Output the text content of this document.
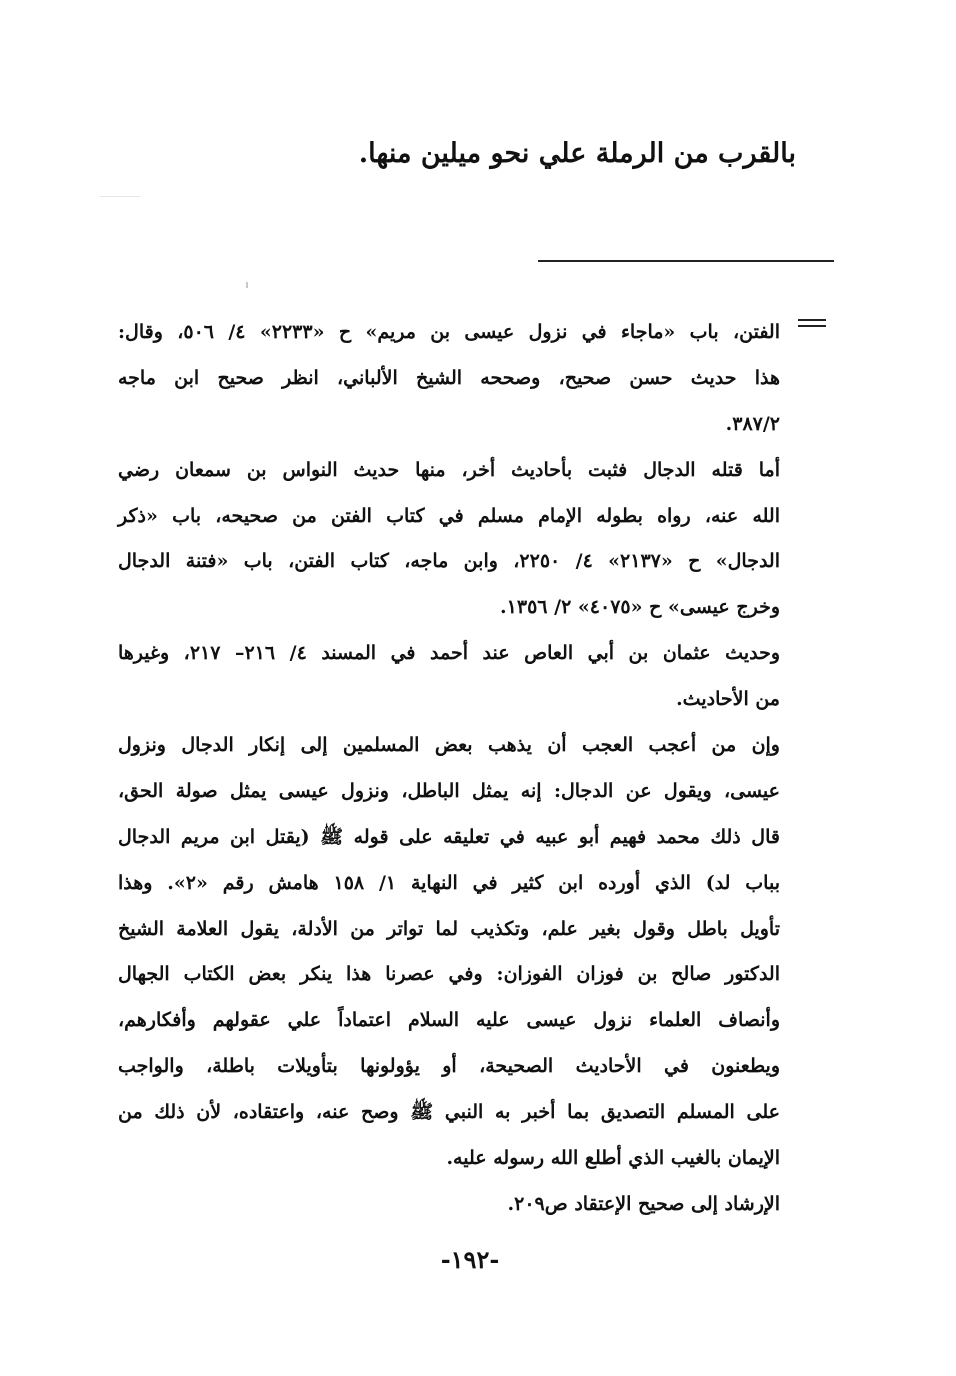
بالقرب من الرملة علي نحو ميلين منها.
الفتن، باب «ماجاء في نزول عيسى بن مريم» ح «٢٢٣٣» ٤/ ٥٠٦، وقال:
هذا حديث حسن صحيح، وصححه الشيخ الألباني، انظر صحيح ابن ماجه
٣٨٧/٢.
أما قتله الدجال فثبت بأحاديث أخر، منها حديث النواس بن سمعان رضي
الله عنه، رواه بطوله الإمام مسلم في كتاب الفتن من صحيحه، باب «ذكر
الدجال» ح «٢١٣٧» ٤/ ٢٢٥٠، وابن ماجه، كتاب الفتن، باب «فتنة الدجال
وخرج عيسى» ح «٤٠٧٥» ٢/ ١٣٥٦.
وحديث عثمان بن أبي العاص عند أحمد في المسند ٤/ ٢١٦– ٢١٧، وغيرها
من الأحاديث.
وإن من أعجب العجب أن يذهب بعض المسلمين إلى إنكار الدجال ونزول
عيسى، ويقول عن الدجال: إنه يمثل الباطل، ونزول عيسى يمثل صولة الحق،
قال ذلك محمد فهيم أبو عبيه في تعليقه على قوله ﷺ (يقتل ابن مريم الدجال
بباب لد) الذي أورده ابن كثير في النهاية ١/ ١٥٨ هامش رقم «٢». وهذا
تأويل باطل وقول بغير علم، وتكذيب لما تواتر من الأدلة، يقول العلامة الشيخ
الدكتور صالح بن فوزان الفوزان: وفي عصرنا هذا ينكر بعض الكتاب الجهال
وأنصاف العلماء نزول عيسى عليه السلام اعتماداً علي عقولهم وأفكارهم،
ويطعنون في الأحاديث الصحيحة، أو يؤولونها بتأويلات باطلة، والواجب
على المسلم التصديق بما أخبر به النبي ﷺ وصح عنه، واعتقاده، لأن ذلك من
الإيمان بالغيب الذي أطلع الله رسوله عليه.
الإرشاد إلى صحيح الإعتقاد ص٢٠٩.
-١٩٢-
